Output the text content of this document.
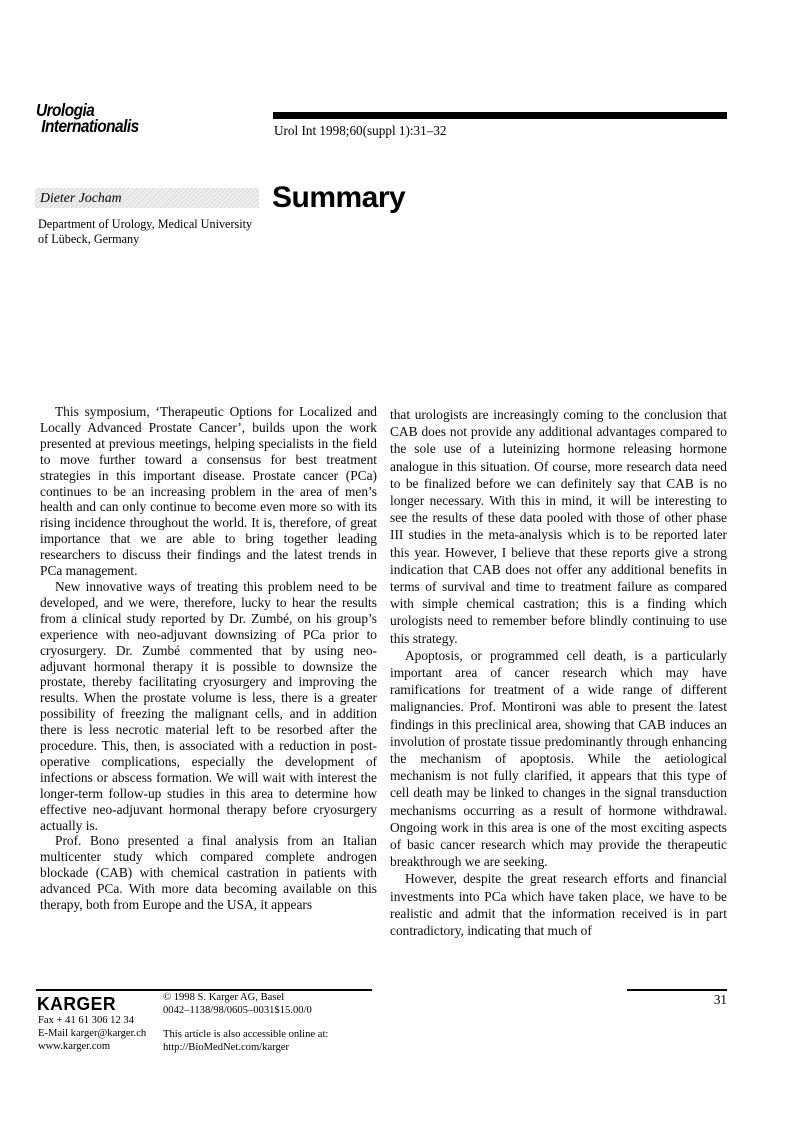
Urologia
Internationalis	Urol Int 1998;60(suppl 1):31–32
Dieter Jocham
Department of Urology, Medical University
of Lübeck, Germany
Summary

This symposium, ‘Therapeutic Options for Localized and Locally Advanced Prostate Cancer’, builds upon the work presented at previous meetings, helping specialists in the field to move further toward a consensus for best treatment strategies in this important disease. Prostate cancer (PCa) continues to be an increasing problem in the area of men’s health and can only continue to become even more so with its rising incidence throughout the world. It is, therefore, of great importance that we are able to bring together leading researchers to discuss their findings and the latest trends in PCa management.

New innovative ways of treating this problem need to be developed, and we were, therefore, lucky to hear the results from a clinical study reported by Dr. Zumbé, on his group’s experience with neo-adjuvant downsizing of PCa prior to cryosurgery. Dr. Zumbé commented that by using neo-adjuvant hormonal therapy it is possible to downsize the prostate, thereby facilitating cryosurgery and improving the results. When the prostate volume is less, there is a greater possibility of freezing the malignant cells, and in addition there is less necrotic material left to be resorbed after the procedure. This, then, is associated with a reduction in post-operative complications, especially the development of infections or abscess formation. We will wait with interest the longer-term follow-up studies in this area to determine how effective neo-adjuvant hormonal therapy before cryosurgery actually is.

Prof. Bono presented a final analysis from an Italian multicenter study which compared complete androgen blockade (CAB) with chemical castration in patients with advanced PCa. With more data becoming available on this therapy, both from Europe and the USA, it appears

that urologists are increasingly coming to the conclusion that CAB does not provide any additional advantages compared to the sole use of a luteinizing hormone releasing hormone analogue in this situation. Of course, more research data need to be finalized before we can definitely say that CAB is no longer necessary. With this in mind, it will be interesting to see the results of these data pooled with those of other phase III studies in the meta-analysis which is to be reported later this year. However, I believe that these reports give a strong indication that CAB does not offer any additional benefits in terms of survival and time to treatment failure as compared with simple chemical castration; this is a finding which urologists need to remember before blindly continuing to use this strategy.

Apoptosis, or programmed cell death, is a particularly important area of cancer research which may have ramifications for treatment of a wide range of different malignancies. Prof. Montironi was able to present the latest findings in this preclinical area, showing that CAB induces an involution of prostate tissue predominantly through enhancing the mechanism of apoptosis. While the aetiological mechanism is not fully clarified, it appears that this type of cell death may be linked to changes in the signal transduction mechanisms occurring as a result of hormone withdrawal. Ongoing work in this area is one of the most exciting aspects of basic cancer research which may provide the therapeutic breakthrough we are seeking.

However, despite the great research efforts and financial investments into PCa which have taken place, we have to be realistic and admit that the information received is in part contradictory, indicating that much of

KARGER
Fax + 41 61 306 12 34
E-Mail karger@karger.ch
www.karger.com
© 1998 S. Karger AG, Basel
0042–1138/98/0605–0031$15.00/0
This article is also accessible online at:
http://BioMedNet.com/karger
31
